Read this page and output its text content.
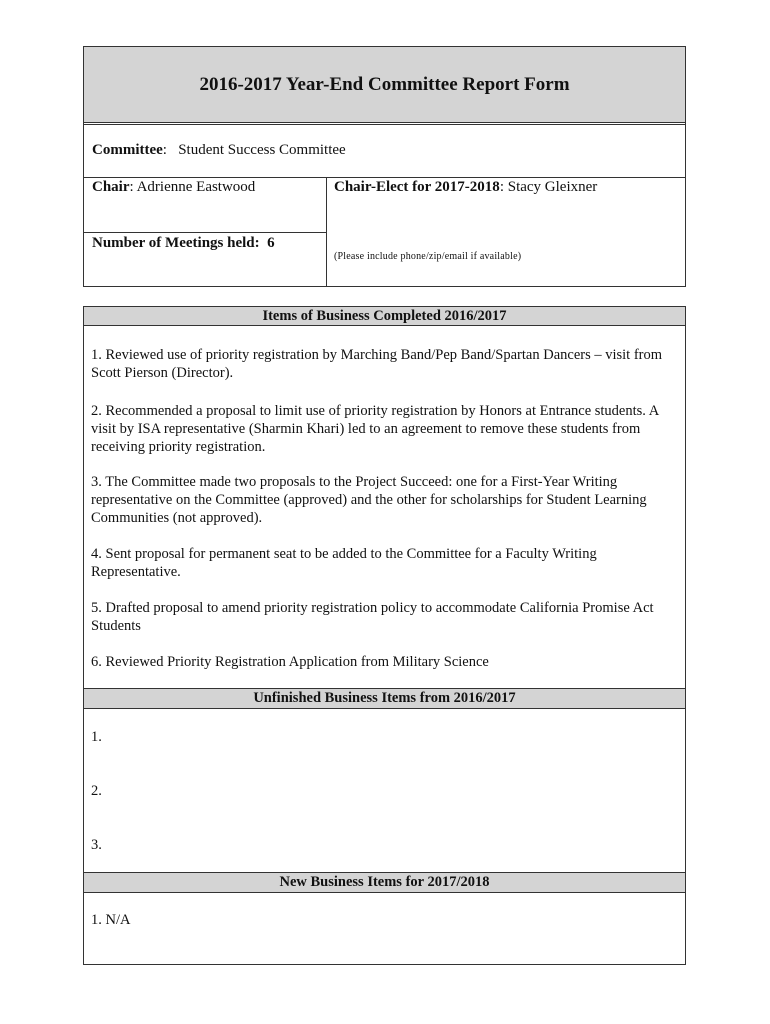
2016-2017 Year-End Committee Report Form
Committee:   Student Success Committee
Chair: Adrienne Eastwood	Chair-Elect for 2017-2018: Stacy Gleixner
Number of Meetings held: 6
(Please include phone/zip/email if available)
Items of Business Completed 2016/2017
1. Reviewed use of priority registration by Marching Band/Pep Band/Spartan Dancers – visit from Scott Pierson (Director).
2. Recommended a proposal to limit use of priority registration by Honors at Entrance students. A visit by ISA representative (Sharmin Khari) led to an agreement to remove these students from receiving priority registration.
3. The Committee made two proposals to the Project Succeed: one for a First-Year Writing representative on the Committee (approved) and the other for scholarships for Student Learning Communities (not approved).
4. Sent proposal for permanent seat to be added to the Committee for a Faculty Writing Representative.
5. Drafted proposal to amend priority registration policy to accommodate California Promise Act Students
6. Reviewed Priority Registration Application from Military Science
Unfinished Business Items from 2016/2017
1.
2.
3.
New Business Items for 2017/2018
1. N/A
